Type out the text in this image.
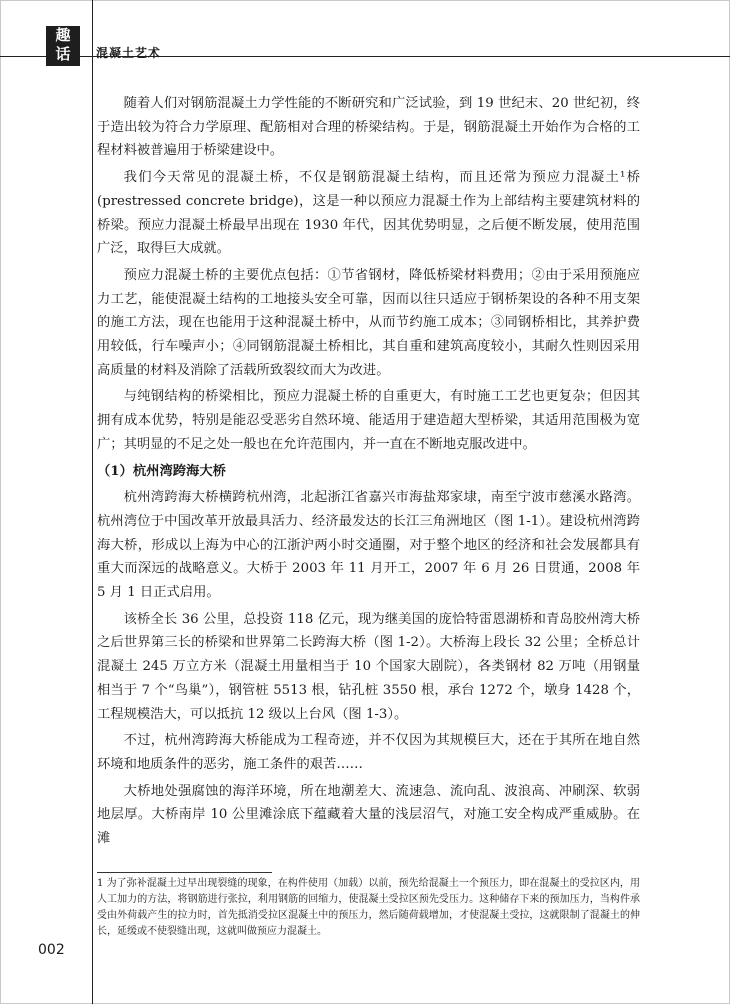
趣
话	混凝土艺术

随着人们对钢筋混凝土力学性能的不断研究和广泛试验，到 19 世纪末、20 世纪初，终于造出较为符合力学原理、配筋相对合理的桥梁结构。于是，钢筋混凝土开始作为合格的工程材料被普遍用于桥梁建设中。

我们今天常见的混凝土桥，不仅是钢筋混凝土结构，而且还常为预应力混凝土¹桥 (prestressed concrete bridge)，这是一种以预应力混凝土作为上部结构主要建筑材料的桥梁。预应力混凝土桥最早出现在 1930 年代，因其优势明显，之后便不断发展，使用范围广泛，取得巨大成就。

预应力混凝土桥的主要优点包括：①节省钢材，降低桥梁材料费用；②由于采用预施应力工艺，能使混凝土结构的工地接头安全可靠，因而以往只适应于钢桥架设的各种不用支架的施工方法，现在也能用于这种混凝土桥中，从而节约施工成本；③同钢桥相比，其养护费用较低，行车噪声小；④同钢筋混凝土桥相比，其自重和建筑高度较小，其耐久性则因采用高质量的材料及消除了活载所致裂纹而大为改进。

与纯钢结构的桥梁相比，预应力混凝土桥的自重更大，有时施工工艺也更复杂；但因其拥有成本优势，特别是能忍受恶劣自然环境、能适用于建造超大型桥梁，其适用范围极为宽广；其明显的不足之处一般也在允许范围内，并一直在不断地克服改进中。

（1）杭州湾跨海大桥

杭州湾跨海大桥横跨杭州湾，北起浙江省嘉兴市海盐郑家埭，南至宁波市慈溪水路湾。杭州湾位于中国改革开放最具活力、经济最发达的长江三角洲地区（图 1-1）。建设杭州湾跨海大桥，形成以上海为中心的江浙沪两小时交通圈，对于整个地区的经济和社会发展都具有重大而深远的战略意义。大桥于 2003 年 11 月开工，2007 年 6 月 26 日贯通，2008 年 5 月 1 日正式启用。

该桥全长 36 公里，总投资 118 亿元，现为继美国的庞恰特雷恩湖桥和青岛胶州湾大桥之后世界第三长的桥梁和世界第二长跨海大桥（图 1-2）。大桥海上段长 32 公里；全桥总计混凝土 245 万立方米（混凝土用量相当于 10 个国家大剧院），各类钢材 82 万吨（用钢量相当于 7 个“鸟巢”），钢管桩 5513 根，钻孔桩 3550 根，承台 1272 个，墩身 1428 个，工程规模浩大，可以抵抗 12 级以上台风（图 1-3）。

不过，杭州湾跨海大桥能成为工程奇迹，并不仅因为其规模巨大，还在于其所在地自然环境和地质条件的恶劣，施工条件的艰苦……

大桥地处强腐蚀的海洋环境，所在地潮差大、流速急、流向乱、波浪高、冲刷深、软弱地层厚。大桥南岸 10 公里滩涂底下蕴藏着大量的浅层沼气，对施工安全构成严重威胁。在滩

1 为了弥补混凝土过早出现裂缝的现象，在构件使用（加载）以前，预先给混凝土一个预压力，即在混凝土的受拉区内，用人工加力的方法，将钢筋进行张拉，利用钢筋的回缩力，使混凝土受拉区预先受压力。这种储存下来的预加压力，当构件承受由外荷载产生的拉力时，首先抵消受拉区混凝土中的预压力，然后随荷载增加，才使混凝土受拉，这就限制了混凝土的伸长，延缓或不使裂缝出现，这就叫做预应力混凝土。
002
